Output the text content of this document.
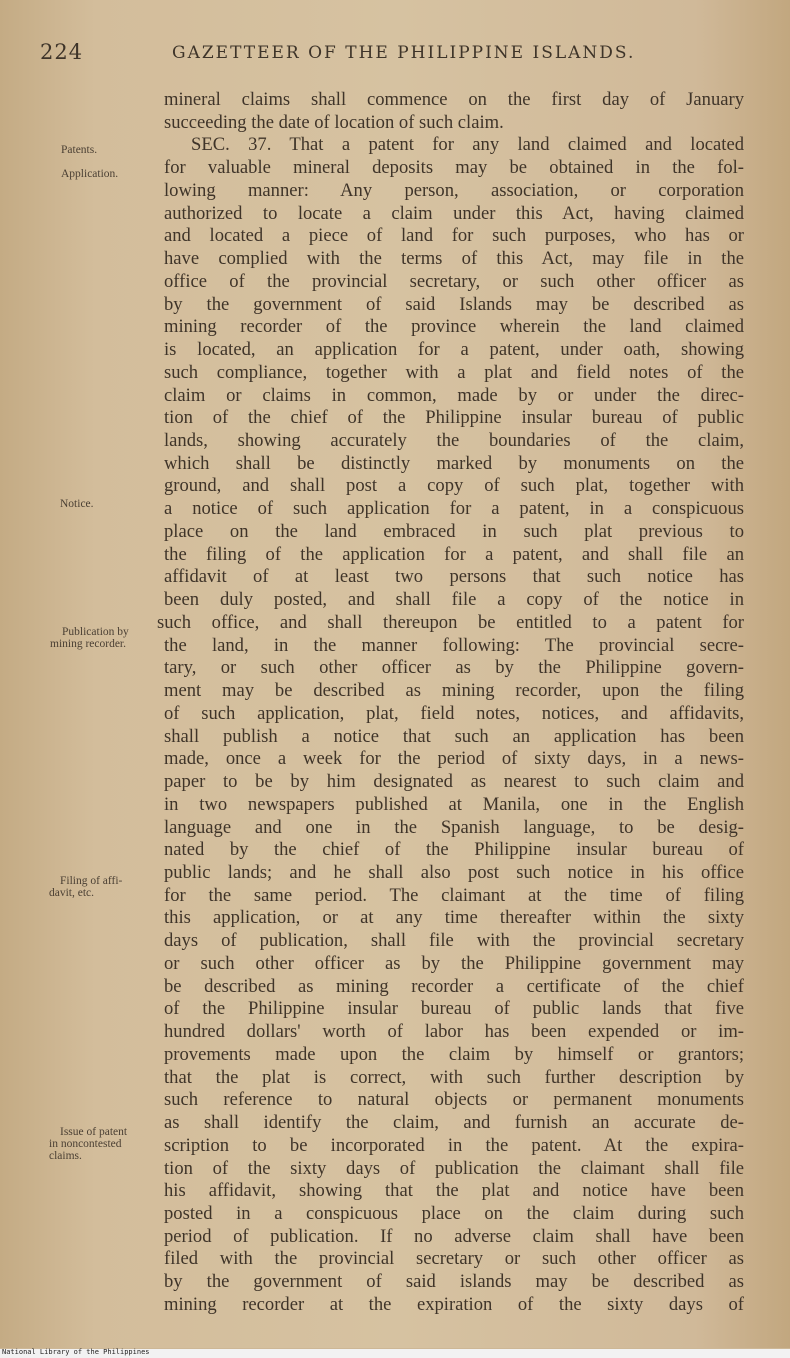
224	GAZETTEER OF THE PHILIPPINE ISLANDS.
Patents.
Application.
Notice.
Publication by
mining recorder.
Filing of affi-
davit, etc.
Issue of patent
in noncontested
claims.
mineral claims shall commence on the first day of January
succeeding the date of location of such claim.
SEC. 37. That a patent for any land claimed and located
for valuable mineral deposits may be obtained in the fol-
lowing manner: Any person, association, or corporation
authorized to locate a claim under this Act, having claimed
and located a piece of land for such purposes, who has or
have complied with the terms of this Act, may file in the
office of the provincial secretary, or such other officer as
by the government of said Islands may be described as
mining recorder of the province wherein the land claimed
is located, an application for a patent, under oath, showing
such compliance, together with a plat and field notes of the
claim or claims in common, made by or under the direc-
tion of the chief of the Philippine insular bureau of public
lands, showing accurately the boundaries of the claim,
which shall be distinctly marked by monuments on the
ground, and shall post a copy of such plat, together with
a notice of such application for a patent, in a conspicuous
place on the land embraced in such plat previous to
the filing of the application for a patent, and shall file an
affidavit of at least two persons that such notice has
been duly posted, and shall file a copy of the notice in
such office, and shall thereupon be entitled to a patent for
the land, in the manner following: The provincial secre-
tary, or such other officer as by the Philippine govern-
ment may be described as mining recorder, upon the filing
of such application, plat, field notes, notices, and affidavits,
shall publish a notice that such an application has been
made, once a week for the period of sixty days, in a news-
paper to be by him designated as nearest to such claim and
in two newspapers published at Manila, one in the English
language and one in the Spanish language, to be desig-
nated by the chief of the Philippine insular bureau of
public lands; and he shall also post such notice in his office
for the same period. The claimant at the time of filing
this application, or at any time thereafter within the sixty
days of publication, shall file with the provincial secretary
or such other officer as by the Philippine government may
be described as mining recorder a certificate of the chief
of the Philippine insular bureau of public lands that five
hundred dollars' worth of labor has been expended or im-
provements made upon the claim by himself or grantors;
that the plat is correct, with such further description by
such reference to natural objects or permanent monuments
as shall identify the claim, and furnish an accurate de-
scription to be incorporated in the patent. At the expira-
tion of the sixty days of publication the claimant shall file
his affidavit, showing that the plat and notice have been
posted in a conspicuous place on the claim during such
period of publication. If no adverse claim shall have been
filed with the provincial secretary or such other officer as
by the government of said islands may be described as
mining recorder at the expiration of the sixty days of
National Library of the Philippines
